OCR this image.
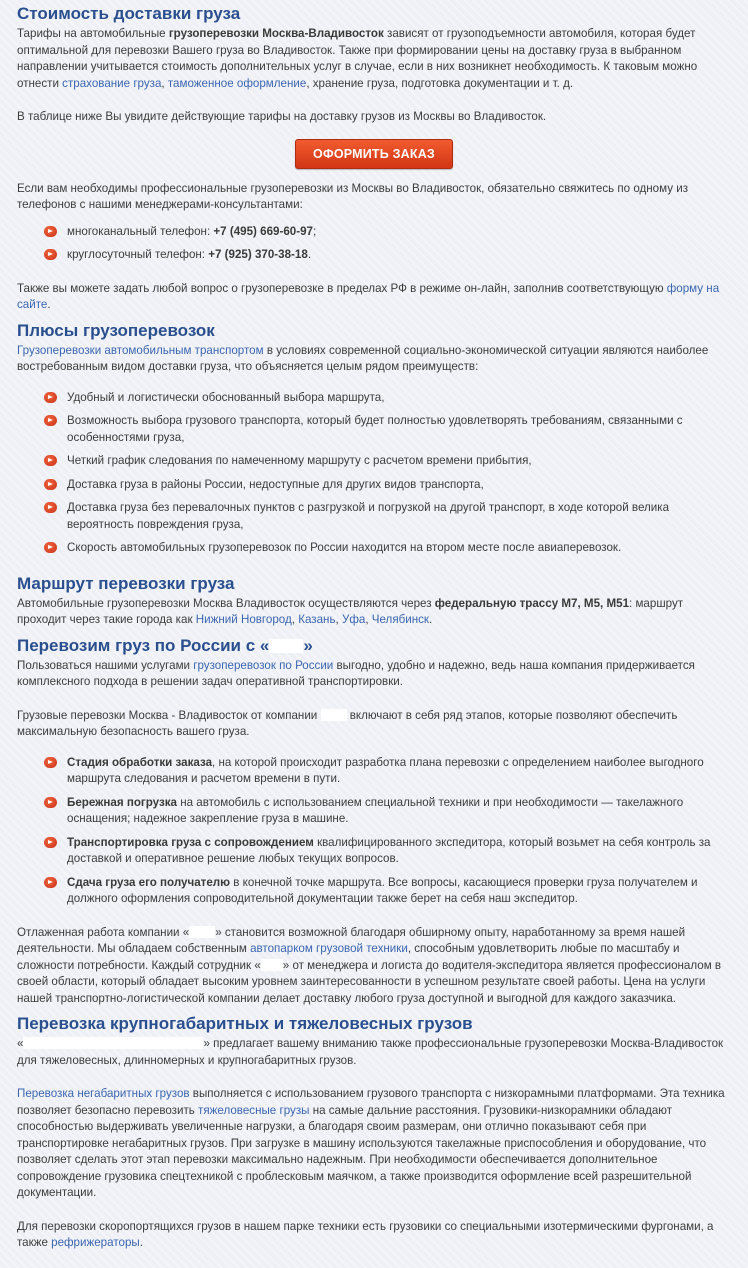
Стоимость доставки груза

Тарифы на автомобильные грузоперевозки Москва-Владивосток зависят от грузоподъемности автомобиля, которая будет оптимальной для перевозки Вашего груза во Владивосток. Также при формировании цены на доставку груза в выбранном направлении учитывается стоимость дополнительных услуг в случае, если в них возникнет необходимость. К таковым можно отнести страхование груза, таможенное оформление, хранение груза, подготовка документации и т. д.

В таблице ниже Вы увидите действующие тарифы на доставку грузов из Москвы во Владивосток.

ОФОРМИТЬ ЗАКАЗ

Если вам необходимы профессиональные грузоперевозки из Москвы во Владивосток, обязательно свяжитесь по одному из телефонов с нашими менеджерами-консультантами:

многоканальный телефон: +7 (495) 669-60-97;
круглосуточный телефон: +7 (925) 370-38-18.

Также вы можете задать любой вопрос о грузоперевозке в пределах РФ в режиме он-лайн, заполнив соответствующую форму на сайте.

Плюсы грузоперевозок

Грузоперевозки автомобильным транспортом в условиях современной социально-экономической ситуации являются наиболее востребованным видом доставки груза, что объясняется целым рядом преимуществ:

Удобный и логистически обоснованный выбора маршрута,
Возможность выбора грузового транспорта, который будет полностью удовлетворять требованиям, связанными с особенностями груза,
Четкий график следования по намеченному маршруту с расчетом времени прибытия,
Доставка груза в районы России, недоступные для других видов транспорта,
Доставка груза без перевалочных пунктов с разгрузкой и погрузкой на другой транспорт, в ходе которой велика вероятность повреждения груза,
Скорость автомобильных грузоперевозок по России находится на втором месте после авиаперевозок.
Маршрут перевозки груза

Автомобильные грузоперевозки Москва Владивосток осуществляются через федеральную трассу М7, М5, М51: маршрут проходит через такие города как Нижний Новгород, Казань, Уфа, Челябинск.

Перевозим груз по России с « »

Пользоваться нашими услугами грузоперевозок по России выгодно, удобно и надежно, ведь наша компания придерживается комплексного подхода в решении задач оперативной транспортировки.

Грузовые перевозки Москва - Владивосток от компании  включают в себя ряд этапов, которые позволяют обеспечить максимальную безопасность вашего груза.

Стадия обработки заказа, на которой происходит разработка плана перевозки с определением наиболее выгодного маршрута следования и расчетом времени в пути.
Бережная погрузка на автомобиль с использованием специальной техники и при необходимости — такелажного оснащения; надежное закрепление груза в машине.
Транспортировка груза с сопровождением квалифицированного экспедитора, который возьмет на себя контроль за доставкой и оперативное решение любых текущих вопросов.
Сдача груза его получателю в конечной точке маршрута. Все вопросы, касающиеся проверки груза получателем и должного оформления сопроводительной документации также берет на себя наш экспедитор.

Отлаженная работа компании « » становится возможной благодаря обширному опыту, наработанному за время нашей деятельности. Мы обладаем собственным автопарком грузовой техники, способным удовлетворить любые по масштабу и сложности потребности. Каждый сотрудник « » от менеджера и логиста до водителя-экспедитора является профессионалом в своей области, который обладает высоким уровнем заинтересованности в успешном результате своей работы. Цена на услуги нашей транспортно-логистической компании делает доставку любого груза доступной и выгодной для каждого заказчика.

Перевозка крупногабаритных и тяжеловесных грузов

«	» предлагает вашему вниманию также профессиональные грузоперевозки Москва-Владивосток для тяжеловесных, длинномерных и крупногабаритных грузов.

Перевозка негабаритных грузов выполняется с использованием грузового транспорта с низкорамными платформами. Эта техника позволяет безопасно перевозить тяжеловесные грузы на самые дальние расстояния. Грузовики-низкорамники обладают способностью выдерживать увеличенные нагрузки, а благодаря своим размерам, они отлично показывают себя при транспортировке негабаритных грузов. При загрузке в машину используются такелажные приспособления и оборудование, что позволяет сделать этот этап перевозки максимально надежным. При необходимости обеспечивается дополнительное сопровождение грузовика спецтехникой с проблесковым маячком, а также производится оформление всей разрешительной документации.

Для перевозки скоропортящихся грузов в нашем парке техники есть грузовики со специальными изотермическими фургонами, а также рефрижераторы.
